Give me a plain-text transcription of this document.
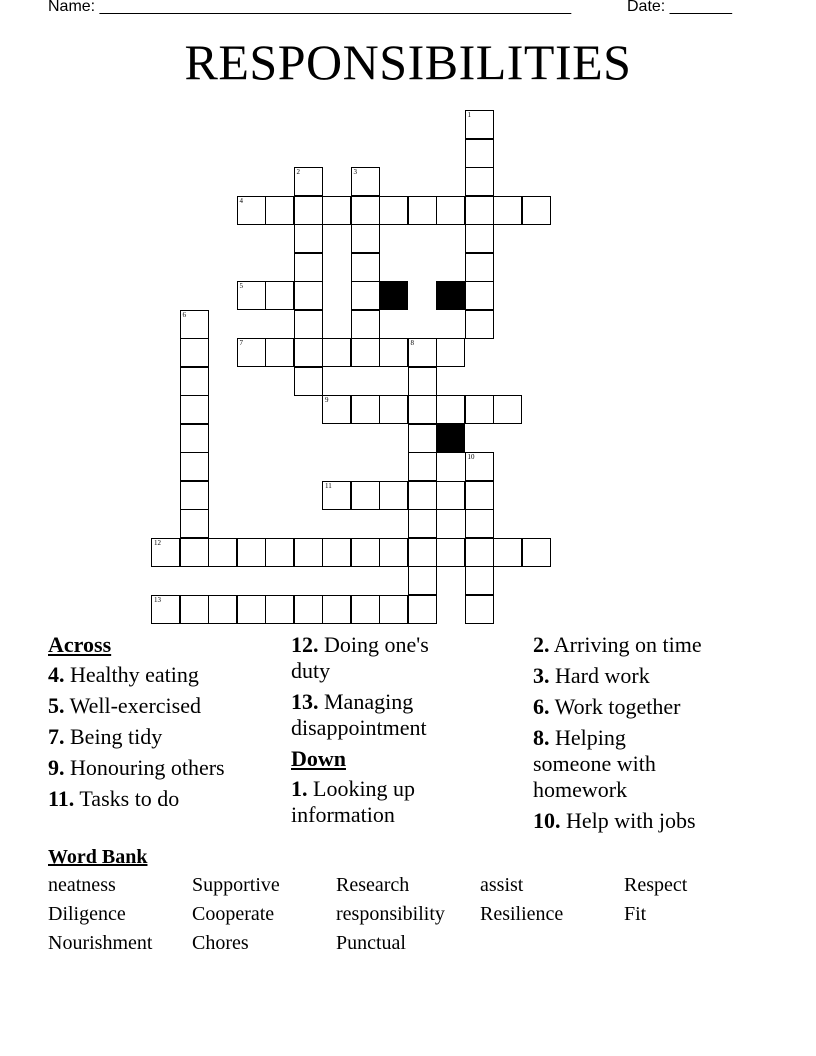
Name: _____________________________________________________	Date: _______
RESPONSIBILITIES
1
2	3
4
5
6
7	8
9
10
11
12
13
Across
4. Healthy eating
5. Well-exercised
7. Being tidy
9. Honouring others
11. Tasks to do
12. Doing one's duty
13. Managing disappointment
Down
1. Looking up information
2. Arriving on time
3. Hard work
6. Work together
8. Helping someone with homework
10. Help with jobs
Word Bank
neatness	Supportive	Research	assist	Respect
Diligence	Cooperate	responsibility	Resilience	Fit
Nourishment	Chores	Punctual
